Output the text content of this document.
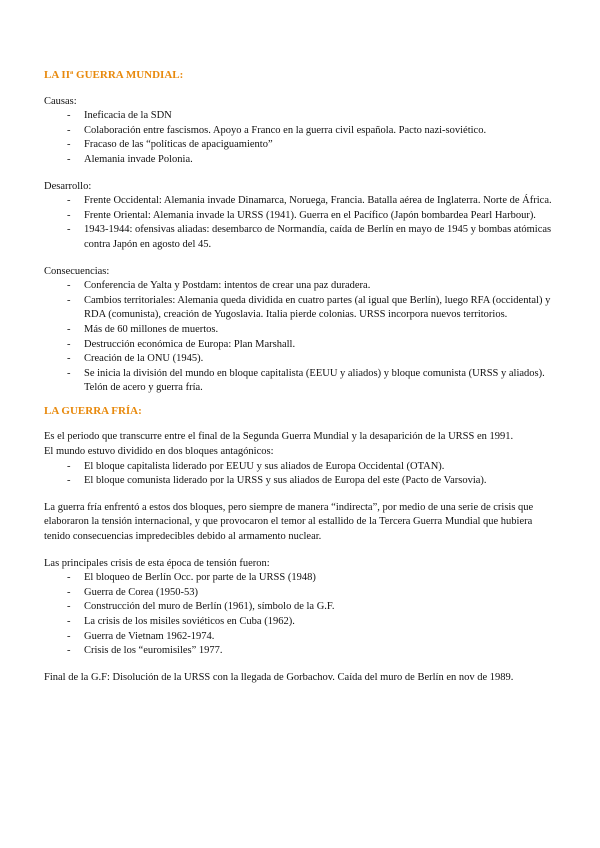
LA IIª GUERRA MUNDIAL:

Causas:

- Ineficacia de la SDN
- Colaboración entre fascismos. Apoyo a Franco en la guerra civil española. Pacto nazi-soviético.
- Fracaso de las “políticas de apaciguamiento”
- Alemania invade Polonia.

Desarrollo:

- Frente Occidental: Alemania invade Dinamarca, Noruega, Francia. Batalla aérea de Inglaterra. Norte de África.
- Frente Oriental: Alemania invade la URSS (1941). Guerra en el Pacífico (Japón bombardea Pearl Harbour).
- 1943-1944: ofensivas aliadas: desembarco de Normandía, caída de Berlín en mayo de 1945 y bombas atómicas contra Japón en agosto del 45.

Consecuencias:

- Conferencia de Yalta y Postdam: intentos de crear una paz duradera.
- Cambios territoriales: Alemania queda dividida en cuatro partes (al igual que Berlín), luego RFA (occidental) y RDA (comunista), creación de Yugoslavia. Italia pierde colonias. URSS incorpora nuevos territorios.
- Más de 60 millones de muertos.
- Destrucción económica de Europa: Plan Marshall.
- Creación de la ONU (1945).
- Se inicia la división del mundo en bloque capitalista (EEUU y aliados) y bloque comunista (URSS y aliados). Telón de acero y guerra fría.
LA GUERRA FRÍA:

Es el periodo que transcurre entre el final de la Segunda Guerra Mundial y la desaparición de la URSS en 1991.

El mundo estuvo dividido en dos bloques antagónicos:

- El bloque capitalista liderado por EEUU y sus aliados de Europa Occidental (OTAN).
- El bloque comunista liderado por la URSS y sus aliados de Europa del este (Pacto de Varsovia).

La guerra fría enfrentó a estos dos bloques, pero siempre de manera “indirecta”, por medio de una serie de crisis que elaboraron la tensión internacional, y que provocaron el temor al estallido de la Tercera Guerra Mundial que hubiera tenido consecuencias impredecibles debido al armamento nuclear.

Las principales crisis de esta época de tensión fueron:

- El bloqueo de Berlín Occ. por parte de la URSS (1948)
- Guerra de Corea (1950-53)
- Construcción del muro de Berlín (1961), símbolo de la G.F.
- La crisis de los misiles soviéticos en Cuba (1962).
- Guerra de Vietnam 1962-1974.
- Crisis de los “euromisiles” 1977.

Final de la G.F: Disolución de la URSS con la llegada de Gorbachov. Caída del muro de Berlín en nov de 1989.
